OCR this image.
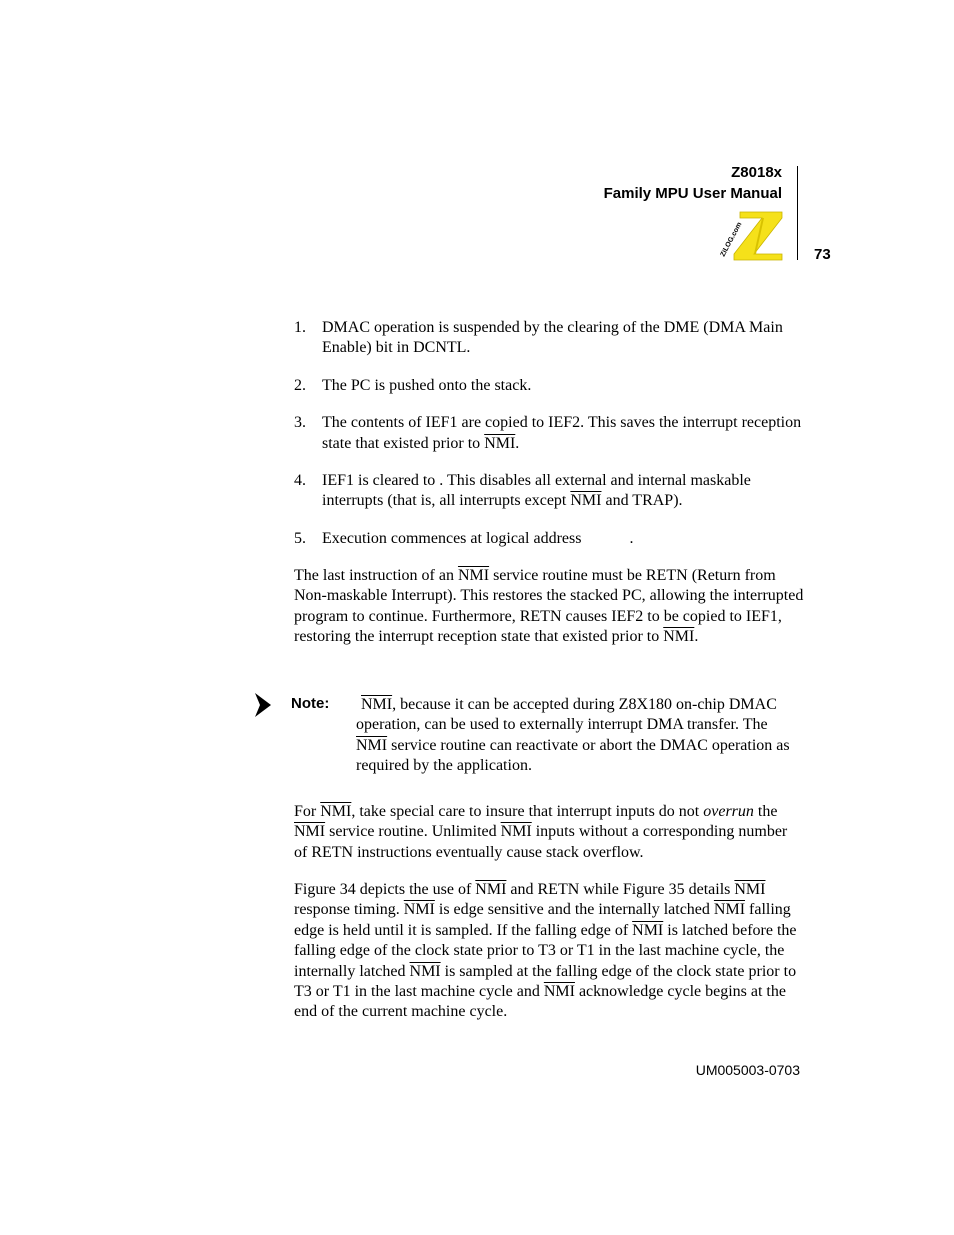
Z8018x
Family MPU User Manual
ZiLOG.com	73
1. DMAC operation is suspended by the clearing of the DME (DMA Main Enable) bit in DCNTL.
2. The PC is pushed onto the stack.
3. The contents of IEF1 are copied to IEF2. This saves the interrupt reception state that existed prior to $\overline{NMI}$.
4. IEF1 is cleared to . This disables all external and internal maskable interrupts (that is, all interrupts except $\overline{NMI}$ and TRAP).
5. Execution commences at logical address            .

The last instruction of an $\overline{NMI}$ service routine must be RETN (Return from Non-maskable Interrupt). This restores the stacked PC, allowing the interrupted program to continue. Furthermore, RETN causes IEF2 to be copied to IEF1, restoring the interrupt reception state that existed prior to $\overline{NMI}$.

Note:	$\overline{NMI}$, because it can be accepted during Z8X180 on-chip DMAC operation, can be used to externally interrupt DMA transfer. The $\overline{NMI}$ service routine can reactivate or abort the DMAC operation as required by the application.

For $\overline{NMI}$, take special care to insure that interrupt inputs do not overrun the $\overline{NMI}$ service routine. Unlimited $\overline{NMI}$ inputs without a corresponding number of RETN instructions eventually cause stack overflow.

Figure 34 depicts the use of $\overline{NMI}$ and RETN while Figure 35 details $\overline{NMI}$ response timing. $\overline{NMI}$ is edge sensitive and the internally latched $\overline{NMI}$ falling edge is held until it is sampled. If the falling edge of $\overline{NMI}$ is latched before the falling edge of the clock state prior to T3 or T1 in the last machine cycle, the internally latched $\overline{NMI}$ is sampled at the falling edge of the clock state prior to T3 or T1 in the last machine cycle and $\overline{NMI}$ acknowledge cycle begins at the end of the current machine cycle.

UM005003-0703
